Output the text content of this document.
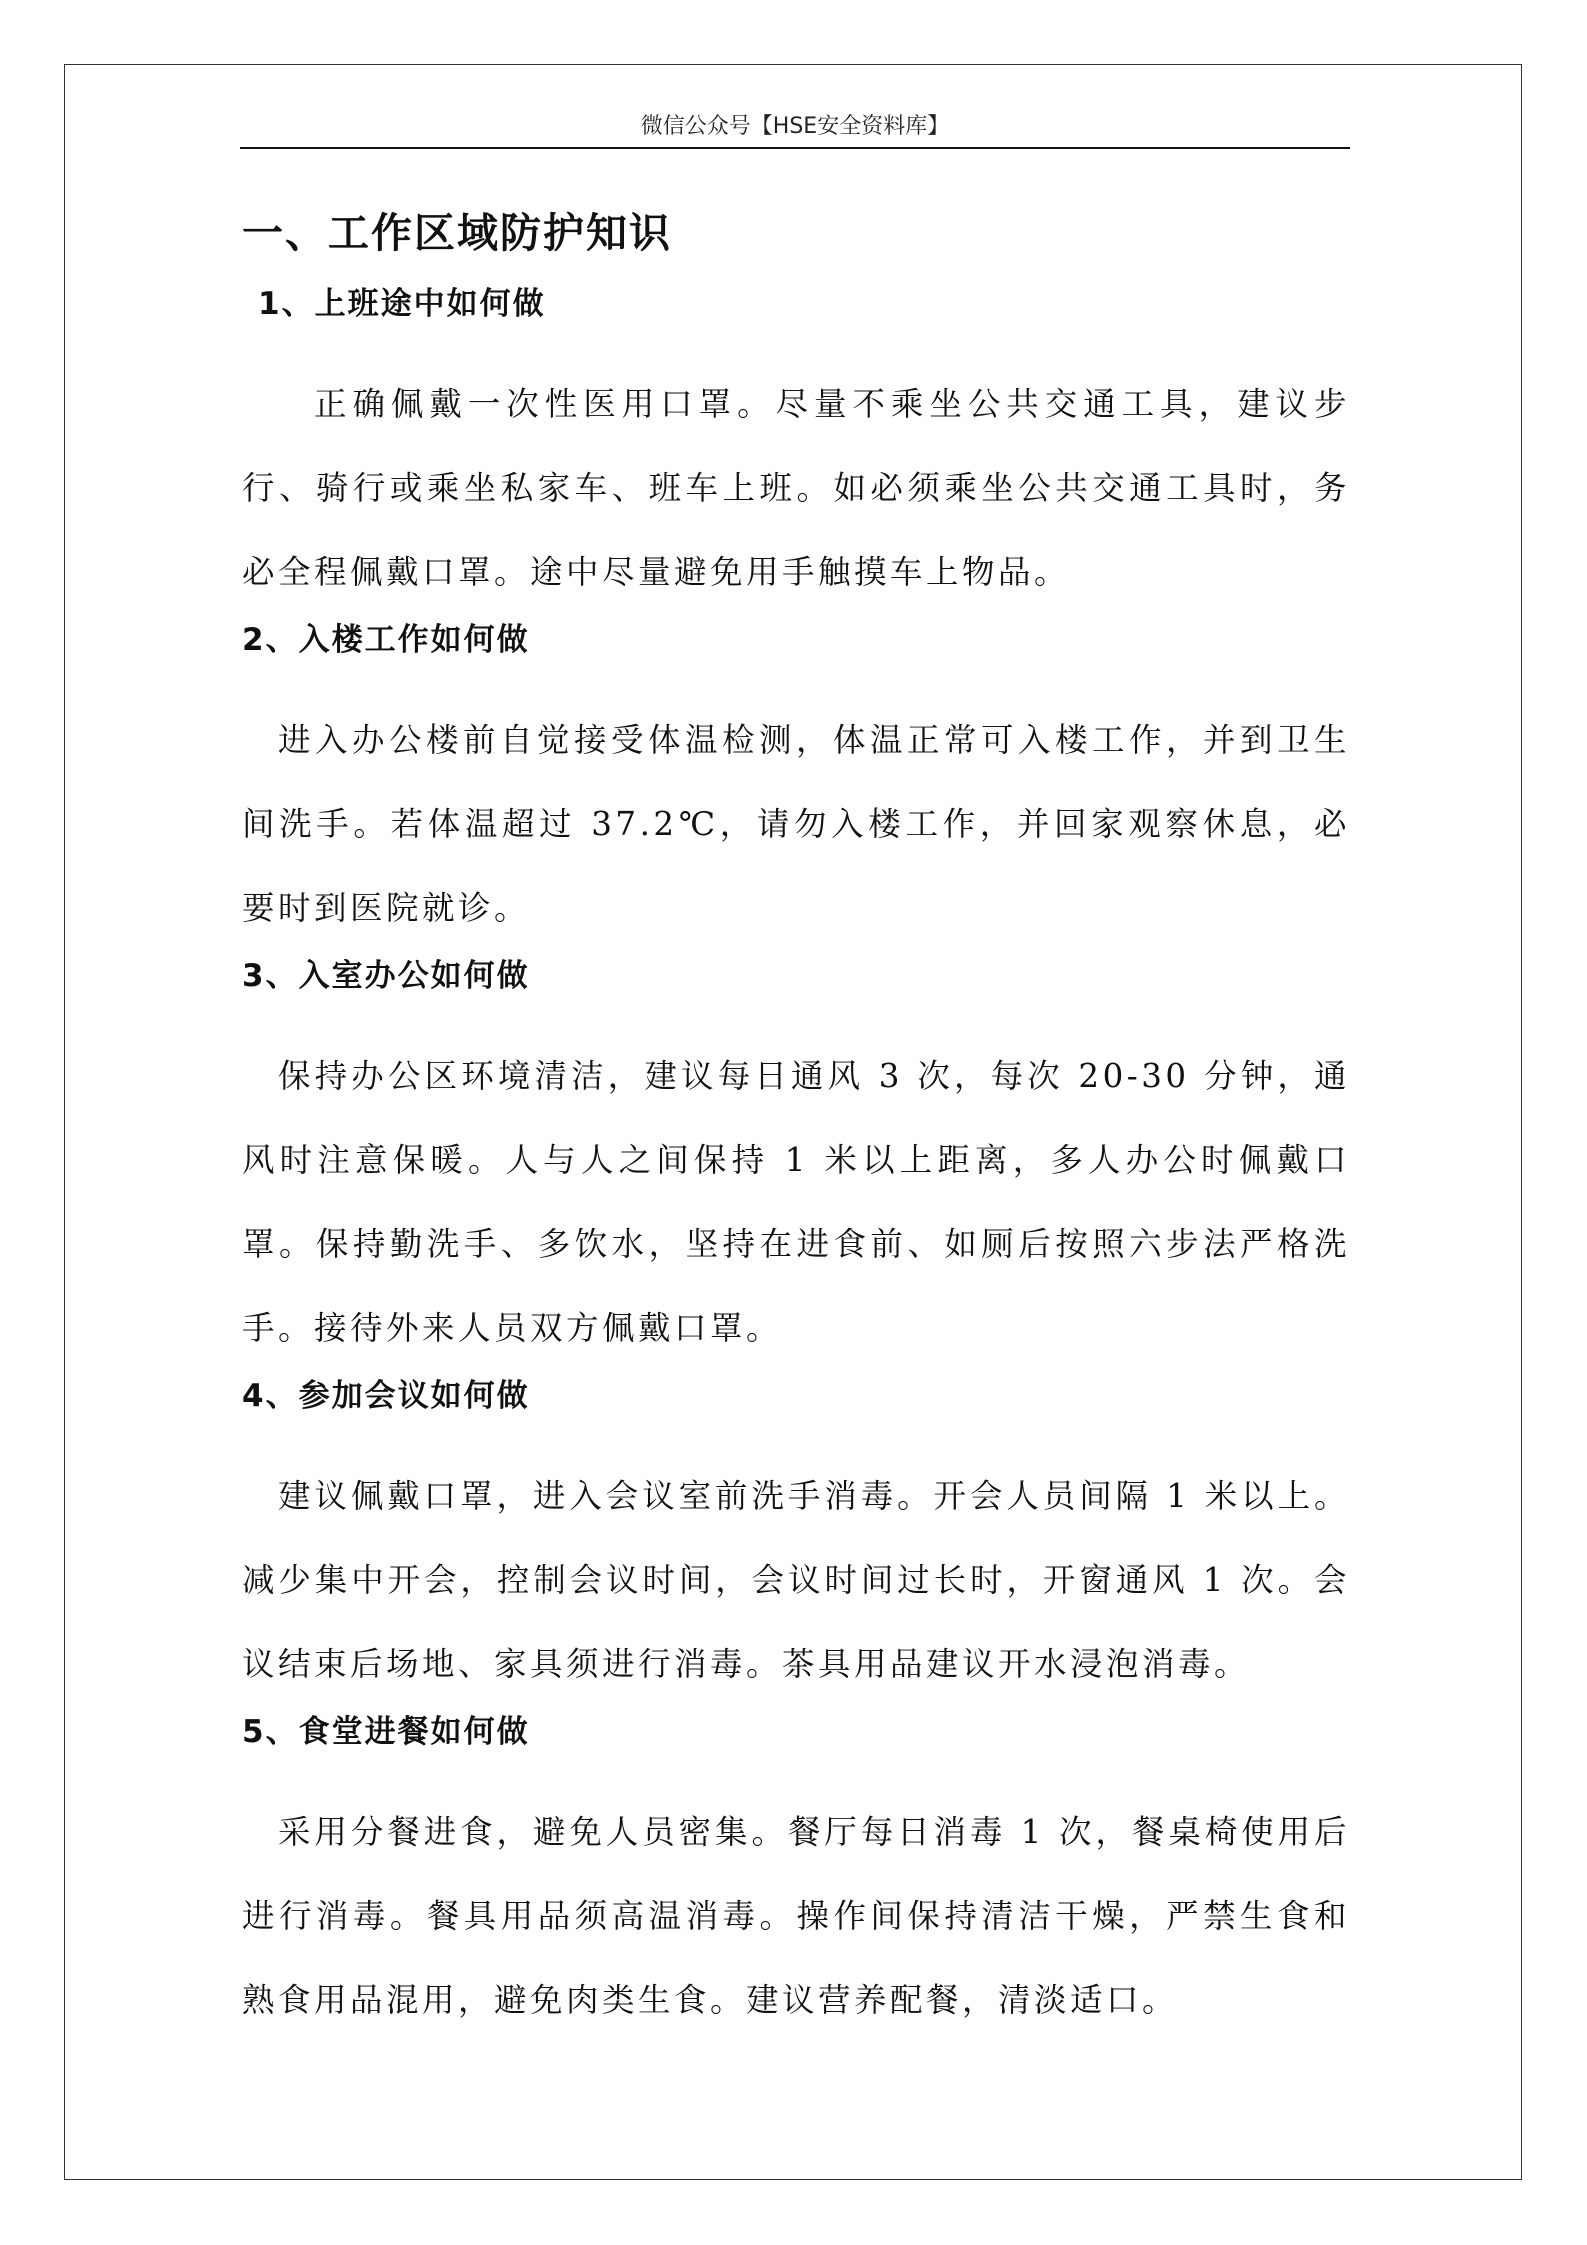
微信公众号【HSE安全资料库】
一、工作区域防护知识
1、上班途中如何做

正确佩戴一次性医用口罩。尽量不乘坐公共交通工具，建议步行、骑行或乘坐私家车、班车上班。如必须乘坐公共交通工具时，务必全程佩戴口罩。途中尽量避免用手触摸车上物品。

2、入楼工作如何做

进入办公楼前自觉接受体温检测，体温正常可入楼工作，并到卫生间洗手。若体温超过 37.2℃，请勿入楼工作，并回家观察休息，必要时到医院就诊。

3、入室办公如何做

保持办公区环境清洁，建议每日通风 3 次，每次 20-30 分钟，通风时注意保暖。人与人之间保持 1 米以上距离，多人办公时佩戴口罩。保持勤洗手、多饮水，坚持在进食前、如厕后按照六步法严格洗手。接待外来人员双方佩戴口罩。

4、参加会议如何做

建议佩戴口罩，进入会议室前洗手消毒。开会人员间隔 1 米以上。减少集中开会，控制会议时间，会议时间过长时，开窗通风 1 次。会议结束后场地、家具须进行消毒。茶具用品建议开水浸泡消毒。

5、食堂进餐如何做

采用分餐进食，避免人员密集。餐厅每日消毒 1 次，餐桌椅使用后进行消毒。餐具用品须高温消毒。操作间保持清洁干燥，严禁生食和熟食用品混用，避免肉类生食。建议营养配餐，清淡适口。
